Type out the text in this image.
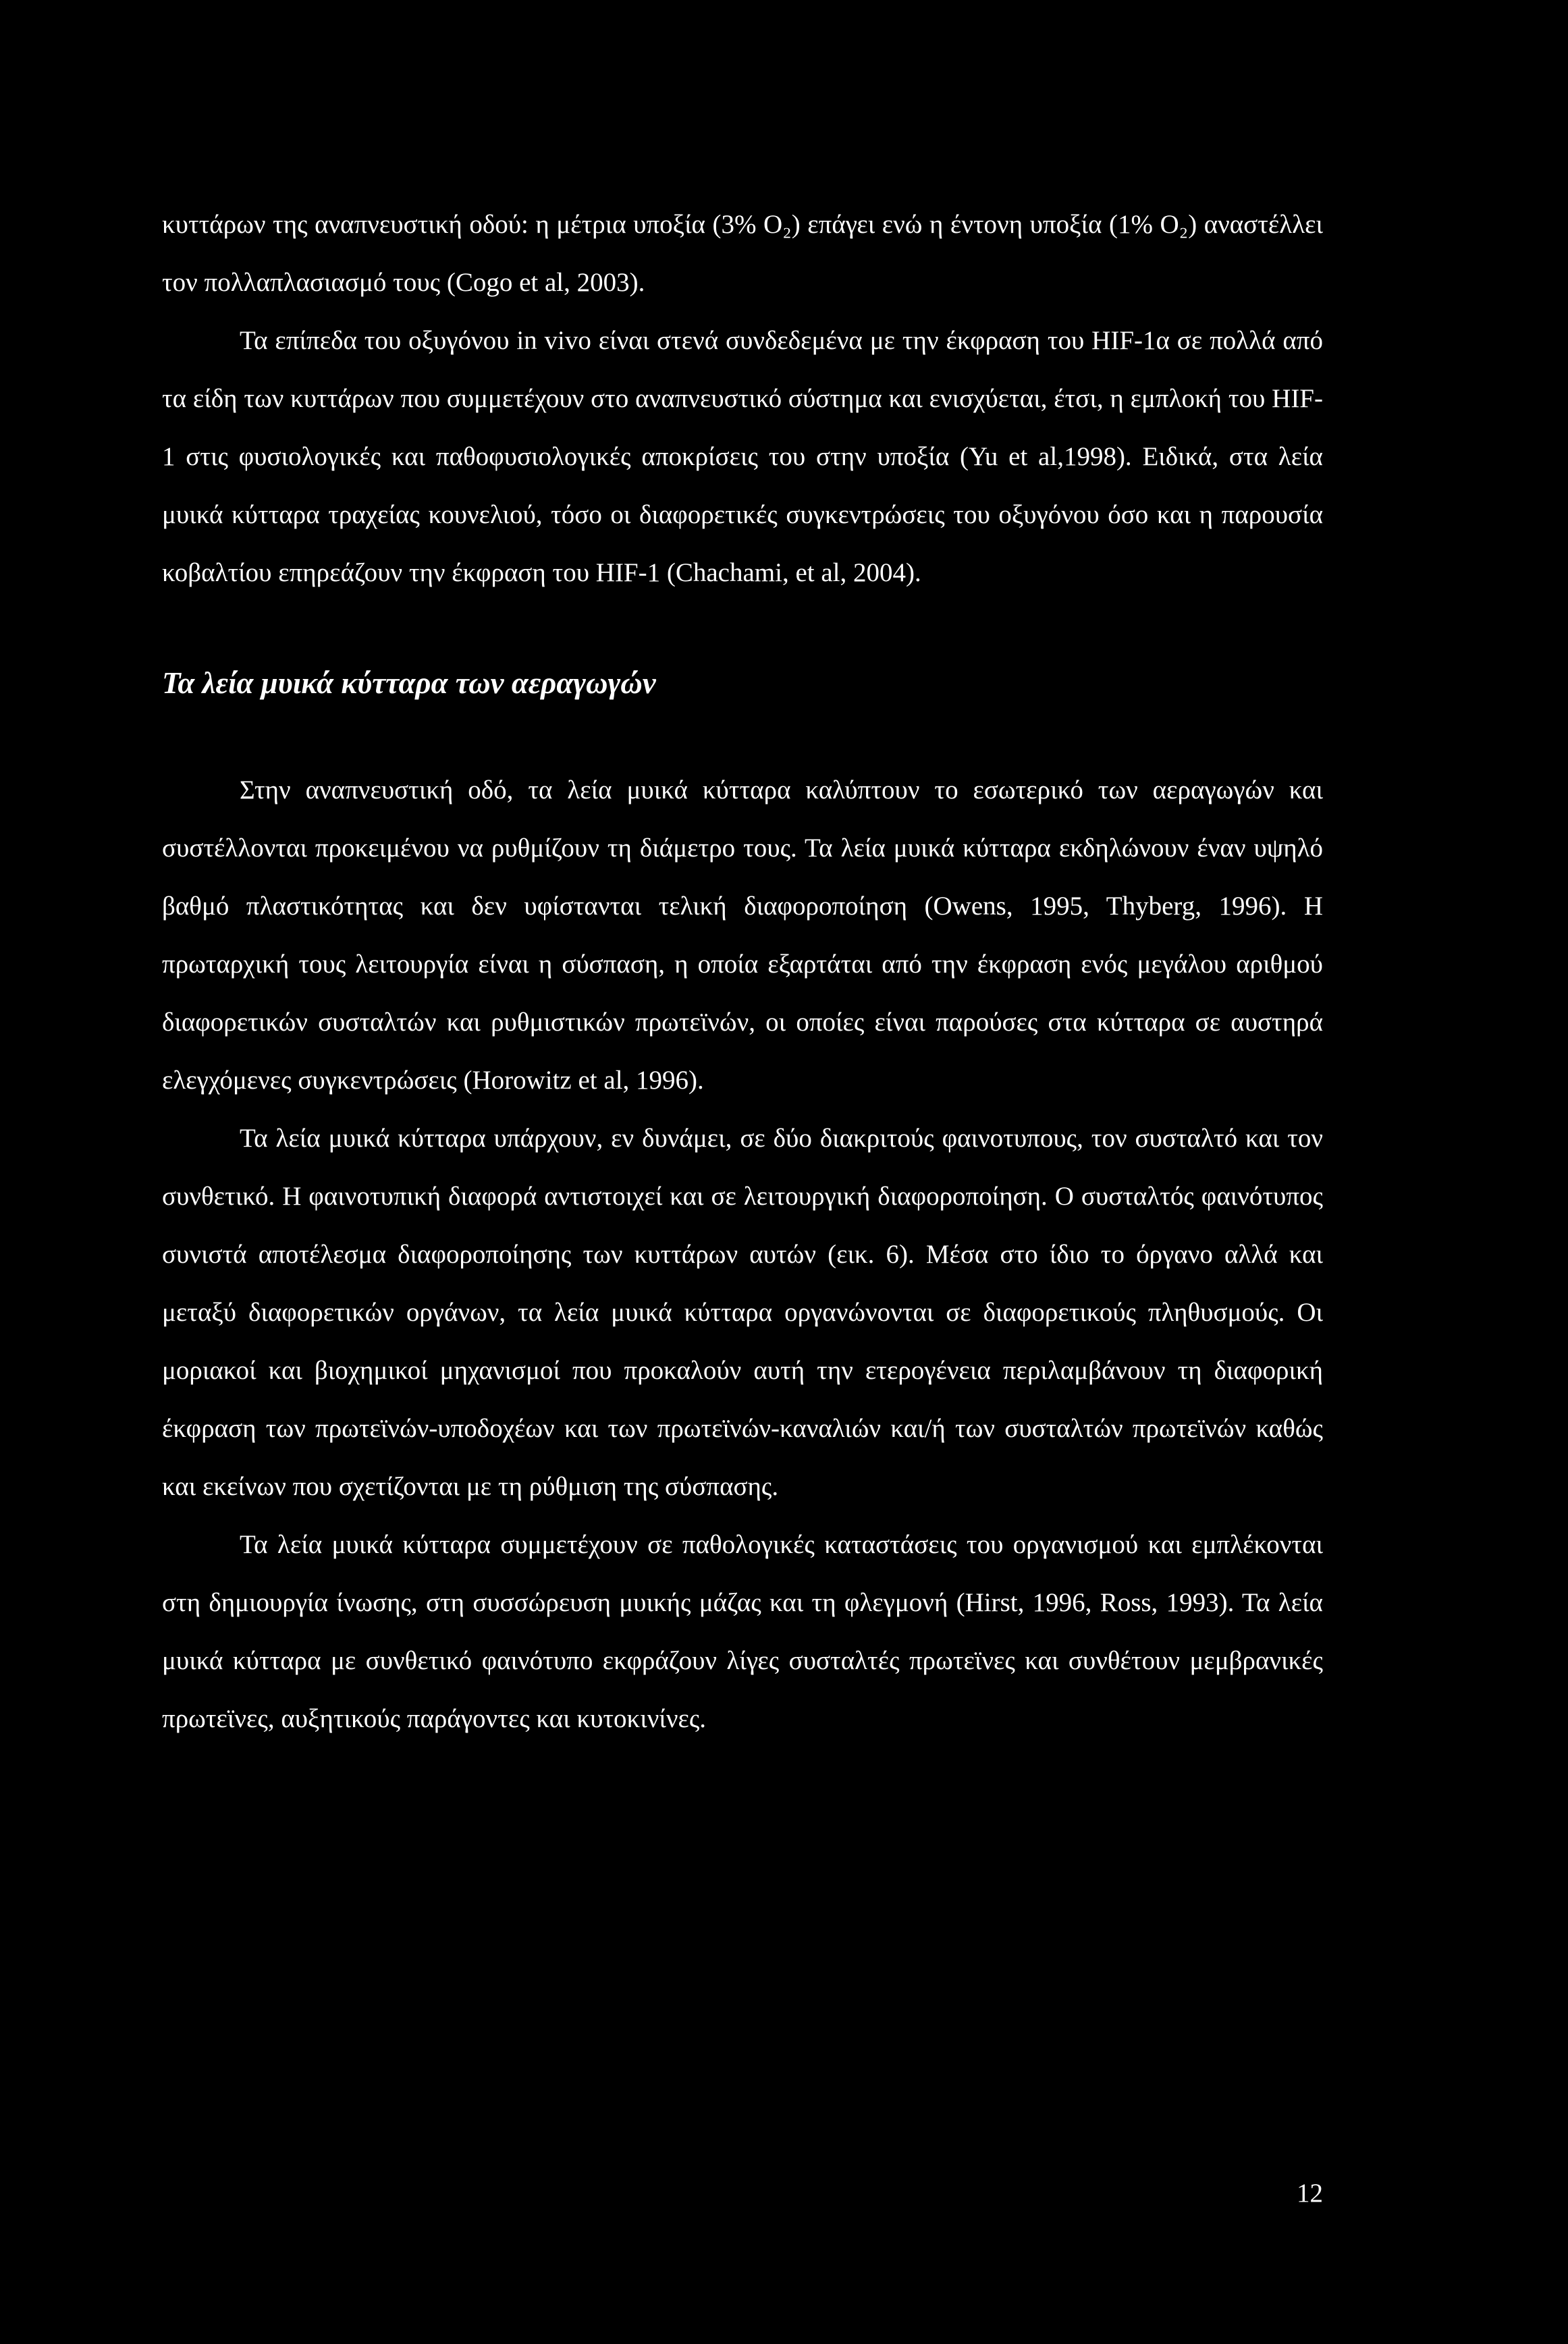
κυττάρων της αναπνευστική οδού: η μέτρια υποξία (3% O₂) επάγει ενώ η έντονη υποξία (1% O₂) αναστέλλει τον πολλαπλασιασμό τους (Cogo et al, 2003).

Τα επίπεδα του οξυγόνου in vivo είναι στενά συνδεδεμένα με την έκφραση του HIF-1α σε πολλά από τα είδη των κυττάρων που συμμετέχουν στο αναπνευστικό σύστημα και ενισχύεται, έτσι, η εμπλοκή του HIF-1 στις φυσιολογικές και παθοφυσιολογικές αποκρίσεις του στην υποξία (Yu et al,1998). Ειδικά, στα λεία μυικά κύτταρα τραχείας κουνελιού, τόσο οι διαφορετικές συγκεντρώσεις του οξυγόνου όσο και η παρουσία κοβαλτίου επηρεάζουν την έκφραση του HIF-1 (Chachami, et al, 2004).

Τα λεία μυικά κύτταρα των αεραγωγών

Στην αναπνευστική οδό, τα λεία μυικά κύτταρα καλύπτουν το εσωτερικό των αεραγωγών και συστέλλονται προκειμένου να ρυθμίζουν τη διάμετρο τους. Τα λεία μυικά κύτταρα εκδηλώνουν έναν υψηλό βαθμό πλαστικότητας και δεν υφίστανται τελική διαφοροποίηση (Owens, 1995, Thyberg, 1996). Η πρωταρχική τους λειτουργία είναι η σύσπαση, η οποία εξαρτάται από την έκφραση ενός μεγάλου αριθμού διαφορετικών συσταλτών και ρυθμιστικών πρωτεϊνών, οι οποίες είναι παρούσες στα κύτταρα σε αυστηρά ελεγχόμενες συγκεντρώσεις (Horowitz et al, 1996).

Τα λεία μυικά κύτταρα υπάρχουν, εν δυνάμει, σε δύο διακριτούς φαινοτυπους, τον συσταλτό και τον συνθετικό. Η φαινοτυπική διαφορά αντιστοιχεί και σε λειτουργική διαφοροποίηση. Ο συσταλτός φαινότυπος συνιστά αποτέλεσμα διαφοροποίησης των κυττάρων αυτών (εικ. 6). Μέσα στο ίδιο το όργανο αλλά και μεταξύ διαφορετικών οργάνων, τα λεία μυικά κύτταρα οργανώνονται σε διαφορετικούς πληθυσμούς. Οι μοριακοί και βιοχημικοί μηχανισμοί που προκαλούν αυτή την ετερογένεια περιλαμβάνουν τη διαφορική έκφραση των πρωτεϊνών-υποδοχέων και των πρωτεϊνών-καναλιών και/ή των συσταλτών πρωτεϊνών καθώς και εκείνων που σχετίζονται με τη ρύθμιση της σύσπασης.

Τα λεία μυικά κύτταρα συμμετέχουν σε παθολογικές καταστάσεις του οργανισμού και εμπλέκονται στη δημιουργία ίνωσης, στη συσσώρευση μυικής μάζας και τη φλεγμονή (Hirst, 1996, Ross, 1993). Τα λεία μυικά κύτταρα με συνθετικό φαινότυπο εκφράζουν λίγες συσταλτές πρωτεϊνες και συνθέτουν μεμβρανικές πρωτεϊνες, αυξητικούς παράγοντες και κυτοκινίνες.

12
